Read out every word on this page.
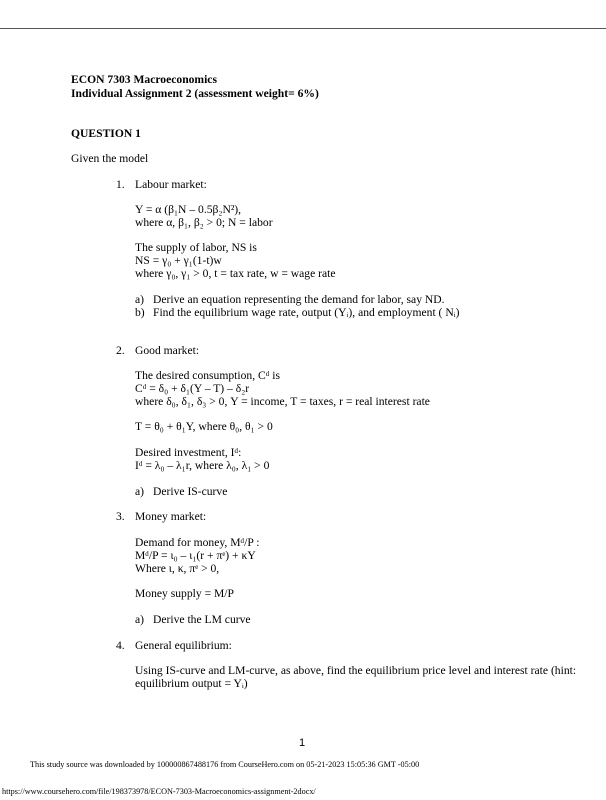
ECON 7303 Macroeconomics
Individual Assignment 2 (assessment weight= 6%)
QUESTION 1
Given the model
1. Labour market:
Y = α (β₁N – 0.5β₂N²),
where α, β₁, β₂ > 0; N = labor
The supply of labor, NS is
NS = γ₀ + γ₁(1-t)w
where γ₀, γ₁ > 0, t = tax rate, w = wage rate
a) Derive an equation representing the demand for labor, say ND.
b) Find the equilibrium wage rate, output (Yᵢ), and employment ( Nᵢ)
2. Good market:
The desired consumption, Cᵈ is
Cᵈ = δ₀ + δ₁(Y – T) – δ₂r
where δ₀, δ₁, δ₃ > 0, Y = income, T = taxes, r = real interest rate
T = θ₀ + θ₁Y, where θ₀, θ₁ > 0
Desired investment, Iᵈ:
Iᵈ = λ₀ – λ₁r, where λ₀, λ₁ > 0
a) Derive IS-curve
3. Money market:
Demand for money, Mᵈ/P :
Mᵈ/P = ι₀ – ι₁(r + πᵉ) + κY
Where ι, κ, πᵉ > 0,
Money supply = M/P
a) Derive the LM curve
4. General equilibrium:
Using IS-curve and LM-curve, as above, find the equilibrium price level and interest rate (hint:
equilibrium output = Yᵢ)
1
This study source was downloaded by 100000867488176 from CourseHero.com on 05-21-2023 15:05:36 GMT -05:00
https://www.coursehero.com/file/198373978/ECON-7303-Macroeconomics-assignment-2docx/
